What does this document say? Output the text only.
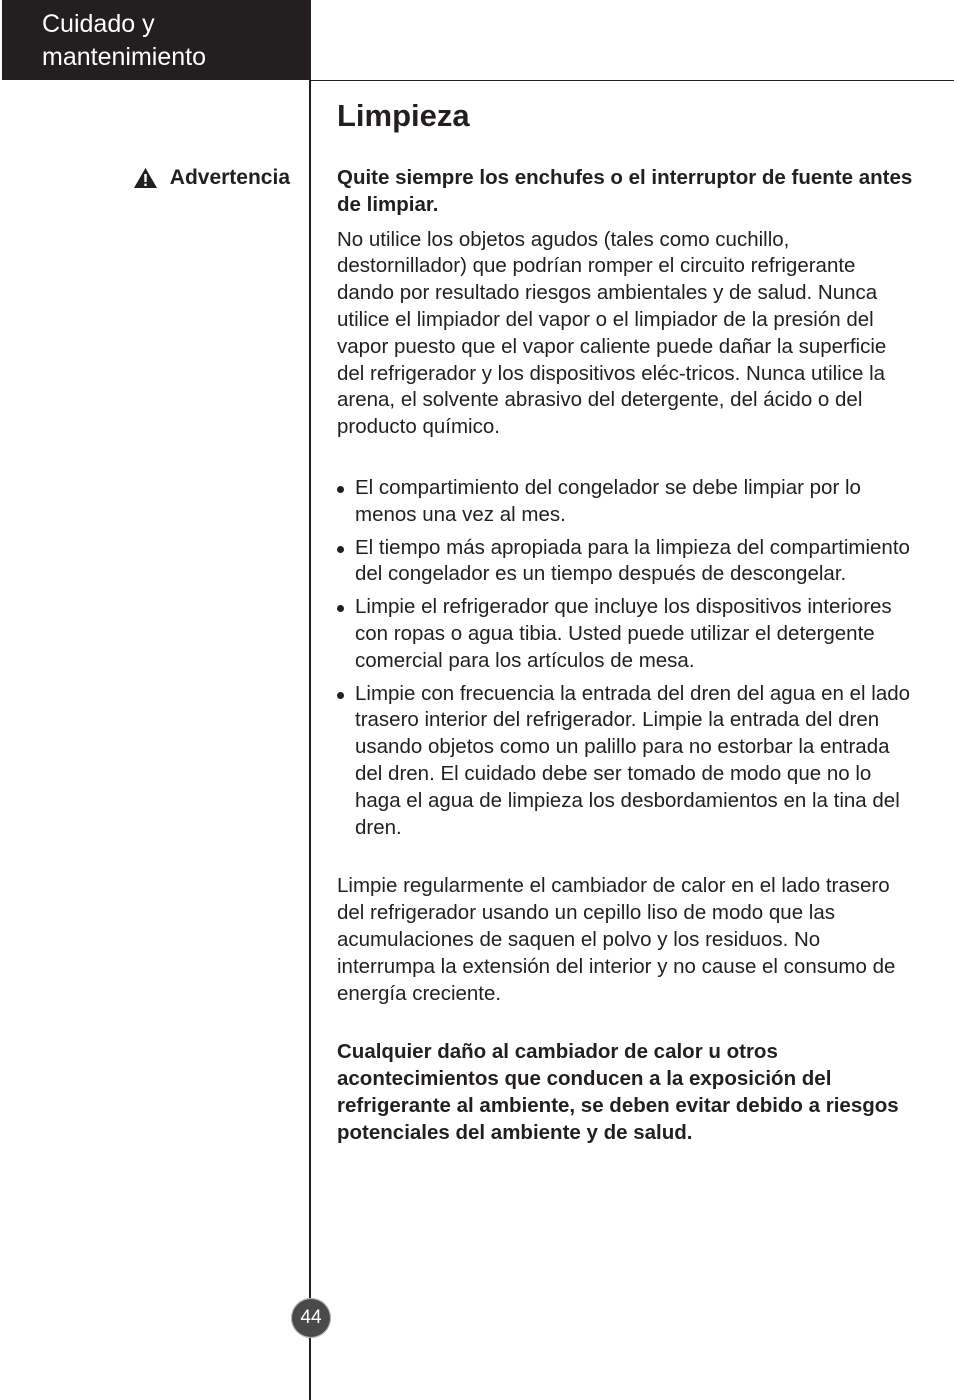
Cuidado y
mantenimiento
Limpieza
Advertencia Quite siempre los enchufes o el interruptor de fuente antes de limpiar.

No utilice los objetos agudos (tales como cuchillo, destornillador) que podrían romper el circuito refrigerante dando por resultado riesgos ambientales y de salud. Nunca utilice el limpiador del vapor o el limpiador de la presión del vapor puesto que el vapor caliente puede dañar la superficie del refrigerador y los dispositivos eléc-tricos. Nunca utilice la arena, el solvente abrasivo del detergente, del ácido o del producto químico.

El compartimiento del congelador se debe limpiar por lo menos una vez al mes.
El tiempo más apropiada para la limpieza del compartimiento del congelador es un tiempo después de descongelar.
Limpie el refrigerador que incluye los dispositivos interiores con ropas o agua tibia. Usted puede utilizar el detergente comercial para los artículos de mesa.
Limpie con frecuencia la entrada del dren del agua en el lado trasero interior del refrigerador. Limpie la entrada del dren usando objetos como un palillo para no estorbar la entrada del dren. El cuidado debe ser tomado de modo que no lo haga el agua de limpieza los desbordamientos en la tina del dren.

Limpie regularmente el cambiador de calor en el lado trasero del refrigerador usando un cepillo liso de modo que las acumulaciones de saquen el polvo y los residuos. No interrumpa la extensión del interior y no cause el consumo de energía creciente.

Cualquier daño al cambiador de calor u otros acontecimientos que conducen a la exposición del refrigerante al ambiente, se deben evitar debido a riesgos potenciales del ambiente y de salud.

44
